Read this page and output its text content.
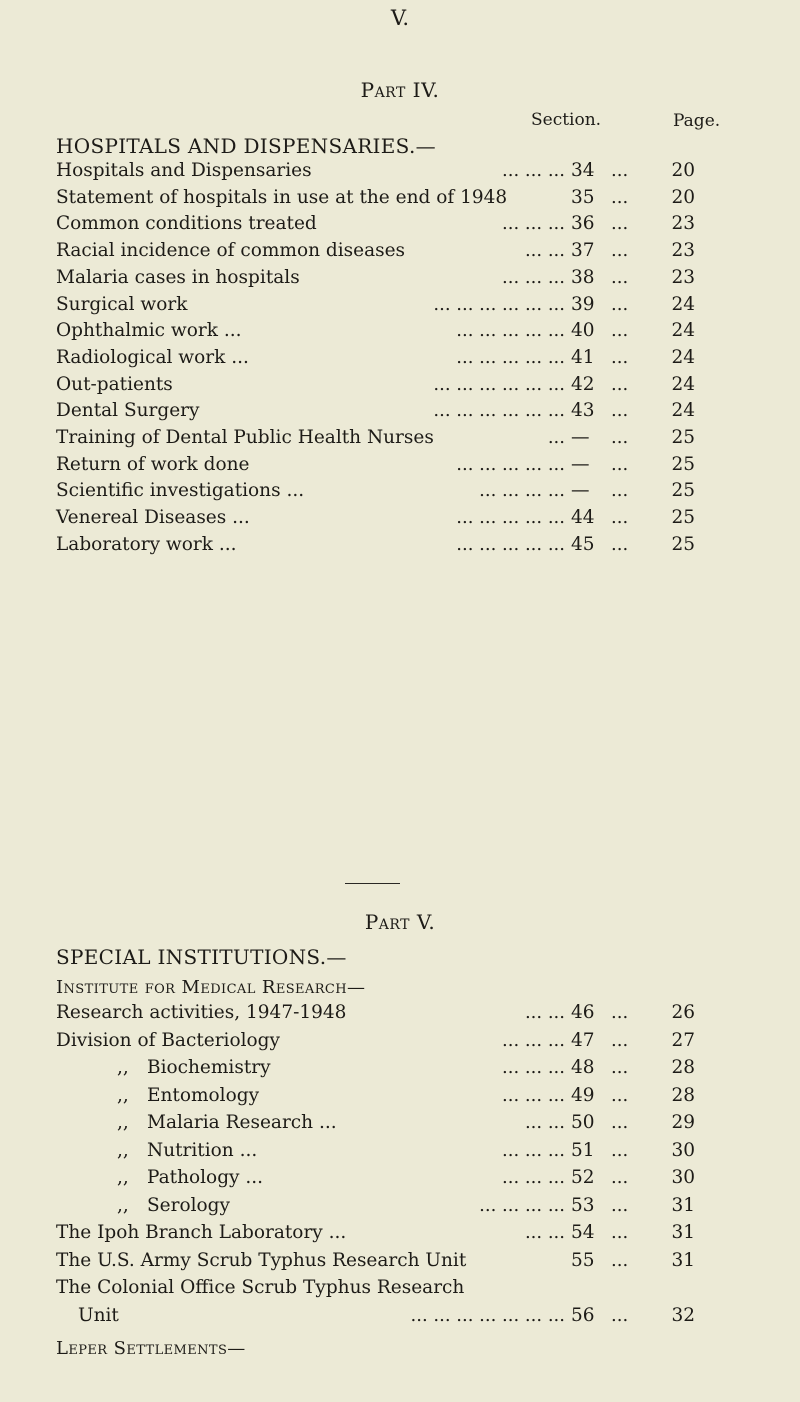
V.
Part IV.
Section.	Page.
HOSPITALS AND DISPENSARIES.—
Hospitals and Dispensaries	... ... ... 34 ...	20
Statement of hospitals in use at the end of 1948	35 ...	20
Common conditions treated	... ... ... 36 ...	23
Racial incidence of common diseases	... ... 37 ...	23
Malaria cases in hospitals	... ... ... 38 ...	23
Surgical work	... ... ... ... ... ... 39 ...	24
Ophthalmic work ...	... ... ... ... ... 40 ...	24
Radiological work ...	... ... ... ... ... 41 ...	24
Out-patients	... ... ... ... ... ... 42 ...	24
Dental Surgery	... ... ... ... ... ... 43 ...	24
Training of Dental Public Health Nurses	... — ...	25
Return of work done	... ... ... ... ... — ...	25
Scientific investigations ...	... ... ... ... — ...	25
Venereal Diseases ...	... ... ... ... ... 44 ...	25
Laboratory work ...	... ... ... ... ... 45 ...	25
Part V.
SPECIAL INSTITUTIONS.—
Institute for Medical Research—
Research activities, 1947-1948	... ... 46 ...	26
Division of Bacteriology	... ... ... 47 ...	27
,, Biochemistry	... ... ... 48 ...	28
,, Entomology	... ... ... 49 ...	28
,, Malaria Research ...	... ... 50 ...	29
,, Nutrition ...	... ... ... 51 ...	30
,, Pathology ...	... ... ... 52 ...	30
,, Serology	... ... ... ... 53 ...	31
The Ipoh Branch Laboratory ...	... ... 54 ...	31
The U.S. Army Scrub Typhus Research Unit	55 ...	31
The Colonial Office Scrub Typhus Research
Unit	... ... ... ... ... ... ... 56 ...	32
Leper Settlements—
